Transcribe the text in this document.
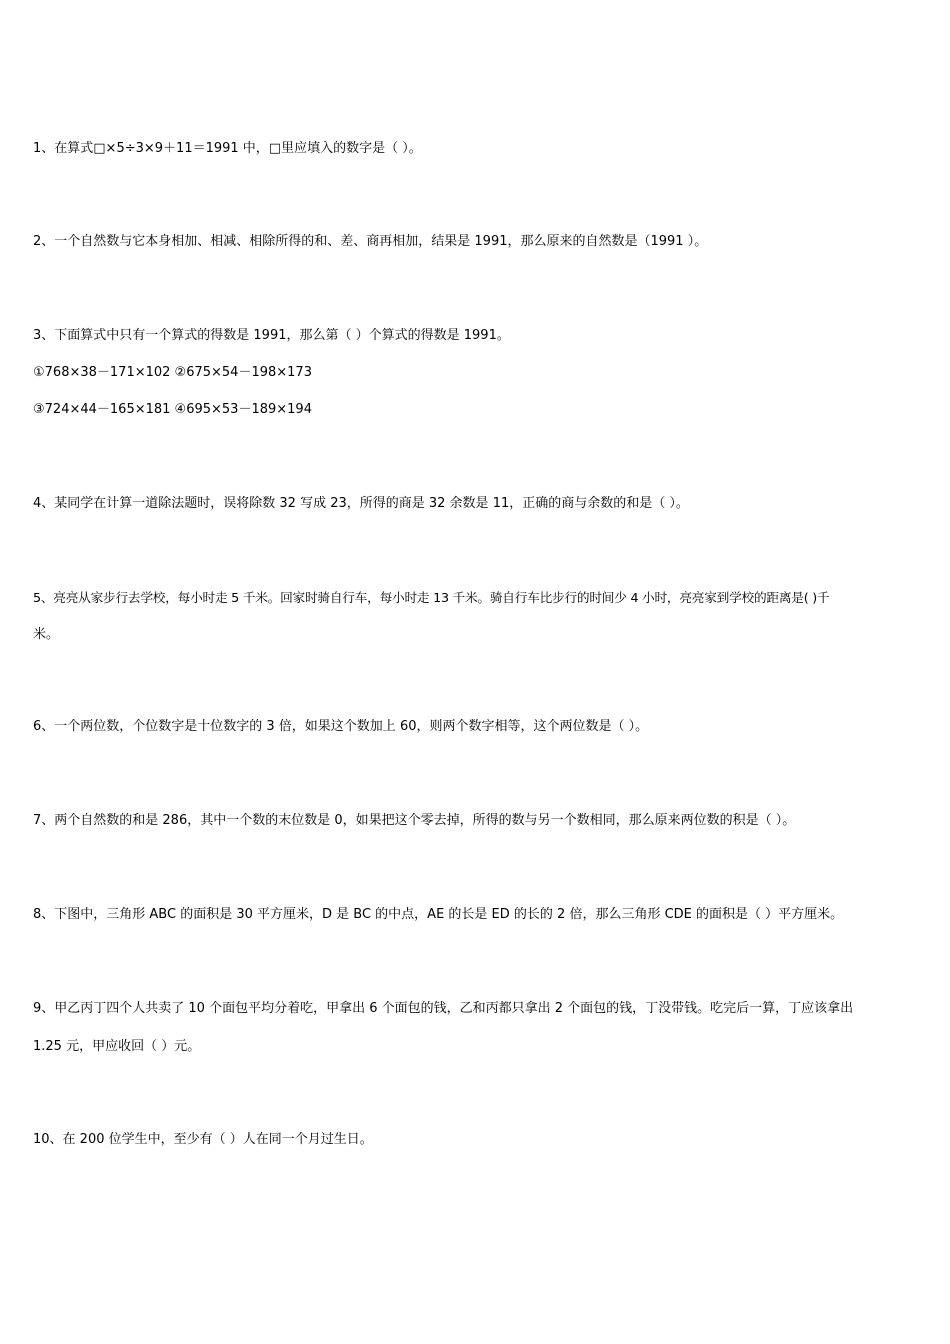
1、在算式□×5÷3×9＋11＝1991 中，□里应填入的数字是（ ）。
2、一个自然数与它本身相加、相减、相除所得的和、差、商再相加，结果是 1991，那么原来的自然数是（1991 ）。
3、下面算式中只有一个算式的得数是 1991，那么第（ ）个算式的得数是 1991。
①768×38－171×102 ②675×54－198×173
③724×44－165×181 ④695×53－189×194
4、某同学在计算一道除法题时，误将除数 32 写成 23，所得的商是 32 余数是 11，正确的商与余数的和是（ ）。
5、亮亮从家步行去学校，每小时走 5 千米。回家时骑自行车，每小时走 13 千米。骑自行车比步行的时间少 4 小时，亮亮家到学校的距离是( )千
米。
6、一个两位数，个位数字是十位数字的 3 倍，如果这个数加上 60，则两个数字相等，这个两位数是（ ）。
7、两个自然数的和是 286，其中一个数的末位数是 0，如果把这个零去掉，所得的数与另一个数相同，那么原来两位数的积是（ ）。
8、下图中，三角形 ABC 的面积是 30 平方厘米，D 是 BC 的中点，AE 的长是 ED 的长的 2 倍，那么三角形 CDE 的面积是（ ）平方厘米。
9、甲乙丙丁四个人共卖了 10 个面包平均分着吃，甲拿出 6 个面包的钱，乙和丙都只拿出 2 个面包的钱，丁没带钱。吃完后一算，丁应该拿出
1.25 元，甲应收回（ ）元。
10、在 200 位学生中，至少有（ ）人在同一个月过生日。
